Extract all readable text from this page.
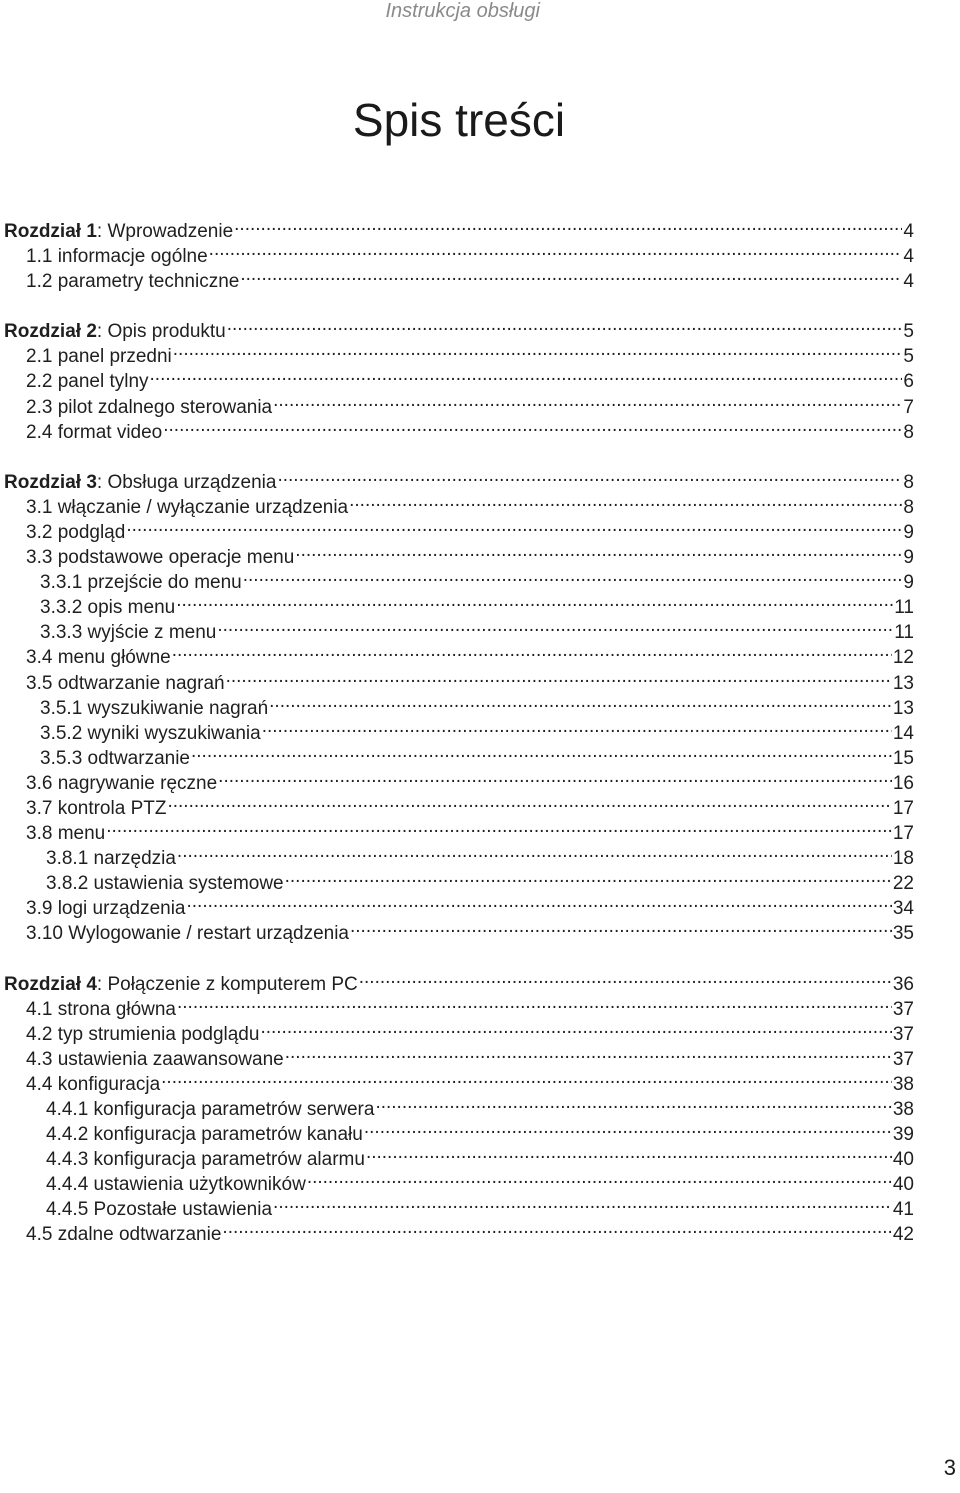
Instrukcja obsługi
Spis treści
Rozdział 1 : Wprowadzenie .....	4
1.1 informacje ogólne .....	4
1.2 parametry techniczne .....	4
Rozdział 2 : Opis produktu .....	5
2.1 panel przedni .....	5
2.2 panel tylny .....	6
2.3 pilot zdalnego sterowania .....	7
2.4 format video .....	8
Rozdział 3 : Obsługa urządzenia .....	8
3.1 włączanie / wyłączanie urządzenia .....	8
3.2 podgląd .....	9
3.3 podstawowe operacje menu .....	9
3.3.1 przejście do menu .....	9
3.3.2 opis menu .....	11
3.3.3 wyjście z menu .....	11
3.4 menu główne .....	12
3.5 odtwarzanie nagrań .....	13
3.5.1 wyszukiwanie nagrań .....	13
3.5.2 wyniki wyszukiwania .....	14
3.5.3 odtwarzanie .....	15
3.6 nagrywanie ręczne .....	16
3.7 kontrola PTZ .....	17
3.8 menu .....	17
3.8.1 narzędzia .....	18
3.8.2 ustawienia systemowe .....	22
3.9 logi urządzenia .....	34
3.10 Wylogowanie / restart urządzenia .....	35
Rozdział 4 : Połączenie z komputerem PC .....	36
4.1 strona główna .....	37
4.2 typ strumienia podglądu .....	37
4.3 ustawienia zaawansowane .....	37
4.4 konfiguracja .....	38
4.4.1 konfiguracja parametrów serwera .....	38
4.4.2 konfiguracja parametrów kanału .....	39
4.4.3 konfiguracja parametrów alarmu .....	40
4.4.4 ustawienia użytkowników .....	40
4.4.5 Pozostałe ustawienia .....	41
4.5 zdalne odtwarzanie .....	42
3
